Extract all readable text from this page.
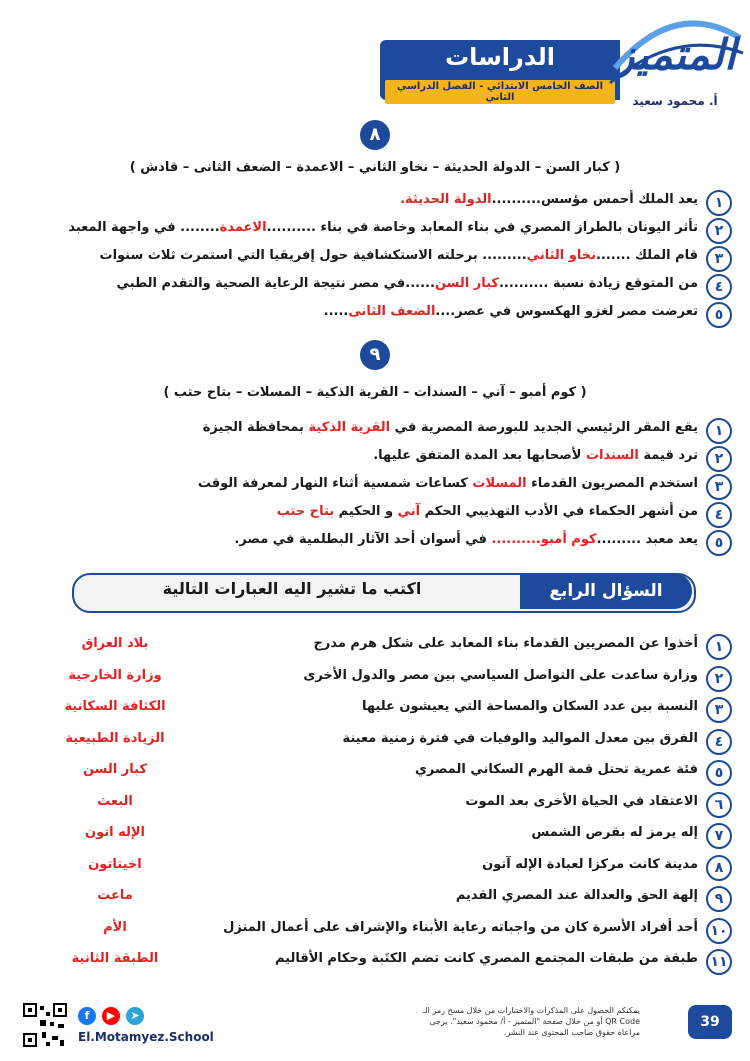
الدراسات
الصف الخامس الابتدائي - الفصل الدراسي الثاني
المتميز
أ. محمود سعيد
٨
( كبار السن – الدولة الحديثة – نخاو الثاني – الاعمدة – الضعف الثانى – قادش )
١
يعد الملك أحمس مؤسس..........الدولة الحديثة.
٢
تأثر اليونان بالطراز المصري في بناء المعابد وخاصة في بناء ..........الاعمدة........ في واجهة المعبد
٣
قام الملك .......نخاو الثاني......... برحلته الاستكشافية حول إفريقيا التي استمرت ثلاث سنوات
٤
من المتوقع زيادة نسبة ..........كبار السن......في مصر نتيجة الرعاية الصحية والتقدم الطبي
٥
تعرضت مصر لغزو الهكسوس في عصر....الضعف الثانى.....
٩
( كوم أمبو – آني – السندات – القرية الذكية – المسلات – بتاح حتب )
١
يقع المقر الرئيسي الجديد للبورصة المصرية في القرية الذكية بمحافظة الجيزة
٢
ترد قيمة السندات لأصحابها بعد المدة المتفق عليها.
٣
استخدم المصريون القدماء المسلات كساعات شمسية أثناء النهار لمعرفة الوقت
٤
من أشهر الحكماء في الأدب التهذيبي الحكم آني و الحكيم بتاح حتب
٥
يعد معبد .........كوم أمبو.......... في أسوان أحد الآثار البطلمية في مصر.
السؤال الرابع
اكتب ما تشير اليه العبارات التالية
١
أخذوا عن المصريين القدماء بناء المعابد على شكل هرم مدرج
بلاد العراق
٢
وزارة ساعدت على التواصل السياسي بين مصر والدول الأخرى
وزارة الخارجية
٣
النسبة بين عدد السكان والمساحة التي يعيشون عليها
الكثافة السكانية
٤
الفرق بين معدل المواليد والوفيات في فترة زمنية معينة
الزيادة الطبيعية
٥
فئة عمرية تحتل قمة الهرم السكاني المصري
كبار السن
٦
الاعتقاد في الحياة الأخرى بعد الموت
البعث
٧
إله يرمز له بقرص الشمس
الإله اتون
٨
مدينة كانت مركزا لعبادة الإله آتون
اخيتاتون
٩
إلهة الحق والعدالة عند المصري القديم
ماعت
١٠
أحد أفراد الأسرة كان من واجباته رعاية الأبناء والإشراف على أعمال المنزل
الأم
١١
طبقة من طبقات المجتمع المصري كانت تضم الكتَبة وحكام الأقاليم
الطبقة الثانية
f	▶	➤
El.Motamyez.School
يمكنكم الحصول على المذكرات والاختبارات من خلال مسح رمز الـ QR Code أو من خلال صفحة "المتميز - أ/ محمود سعيد". يرجى مراعاة حقوق صاحب المحتوى عند النشر.
39
